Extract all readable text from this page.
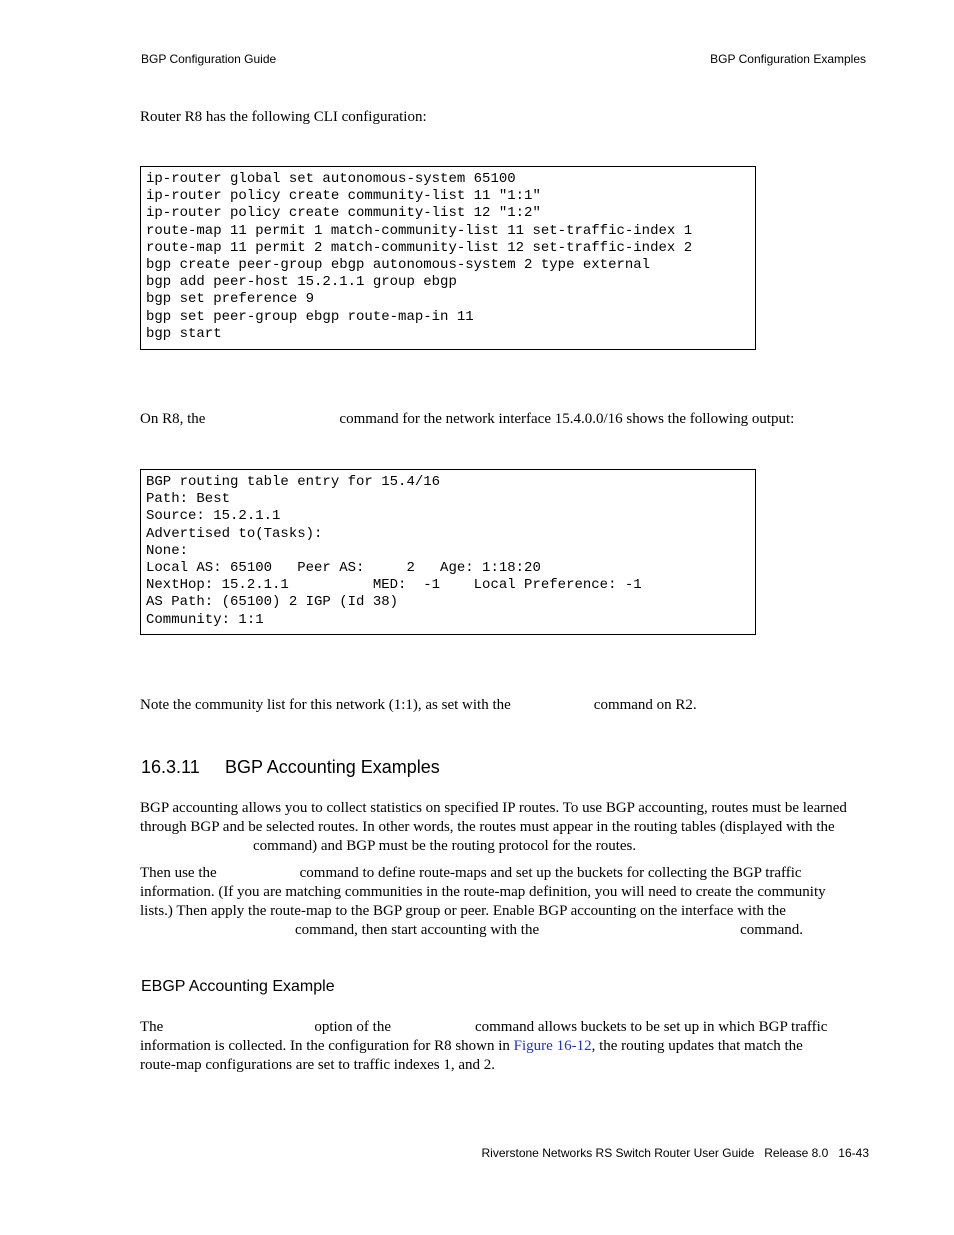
BGP Configuration Guide	BGP Configuration Examples
Router R8 has the following CLI configuration:
ip-router global set autonomous-system 65100
ip-router policy create community-list 11 "1:1"
ip-router policy create community-list 12 "1:2"
route-map 11 permit 1 match-community-list 11 set-traffic-index 1
route-map 11 permit 2 match-community-list 12 set-traffic-index 2
bgp create peer-group ebgp autonomous-system 2 type external
bgp add peer-host 15.2.1.1 group ebgp
bgp set preference 9
bgp set peer-group ebgp route-map-in 11
bgp start
On R8, the	command for the network interface 15.4.0.0/16 shows the following output:
BGP routing table entry for 15.4/16
Path: Best
Source: 15.2.1.1
Advertised to(Tasks):
None:
Local AS: 65100   Peer AS:     2   Age: 1:18:20
NextHop: 15.2.1.1          MED:  -1    Local Preference: -1
AS Path: (65100) 2 IGP (Id 38)
Community: 1:1
Note the community list for this network (1:1), as set with the	command on R2.
16.3.11 BGP Accounting Examples
BGP accounting allows you to collect statistics on specified IP routes. To use BGP accounting, routes must be learned
through BGP and be selected routes. In other words, the routes must appear in the routing tables (displayed with the
command) and BGP must be the routing protocol for the routes.
Then use the	command to define route-maps and set up the buckets for collecting the BGP traffic
information. (If you are matching communities in the route-map definition, you will need to create the community
lists.) Then apply the route-map to the BGP group or peer. Enable BGP accounting on the interface with the
command, then start accounting with the	command.
EBGP Accounting Example
The	option of the	command allows buckets to be set up in which BGP traffic
information is collected. In the configuration for R8 shown in Figure 16-12, the routing updates that match the
route-map configurations are set to traffic indexes 1, and 2.
Riverstone Networks RS Switch Router User Guide   Release 8.0   16-43
